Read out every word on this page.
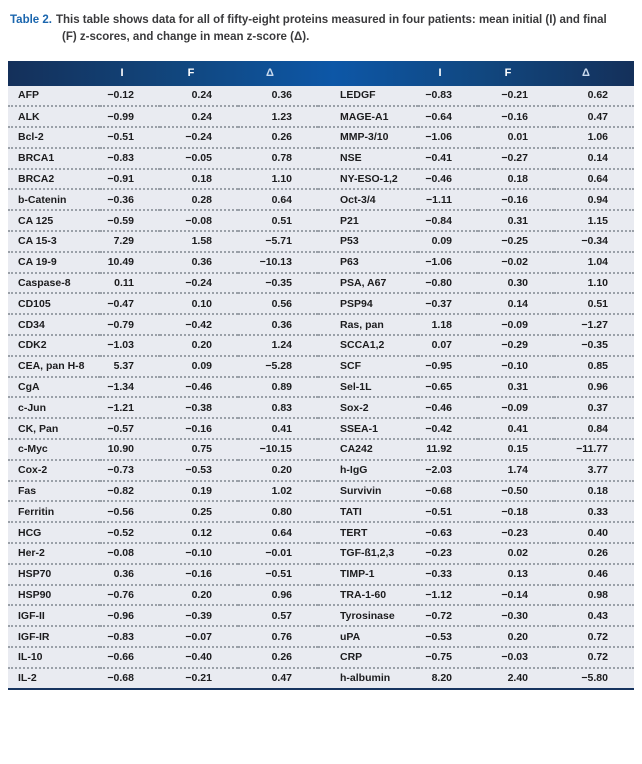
Table 2. This table shows data for all of fifty-eight proteins measured in four patients: mean initial (I) and final (F) z-scores, and change in mean z-score (Δ).

	I	F	Δ		I	F	Δ
AFP	−0.12	0.24	0.36	LEDGF	−0.83	−0.21	0.62
ALK	−0.99	0.24	1.23	MAGE-A1	−0.64	−0.16	0.47
Bcl-2	−0.51	−0.24	0.26	MMP-3/10	−1.06	0.01	1.06
BRCA1	−0.83	−0.05	0.78	NSE	−0.41	−0.27	0.14
BRCA2	−0.91	0.18	1.10	NY-ESO-1,2	−0.46	0.18	0.64
b-Catenin	−0.36	0.28	0.64	Oct-3/4	−1.11	−0.16	0.94
CA 125	−0.59	−0.08	0.51	P21	−0.84	0.31	1.15
CA 15-3	7.29	1.58	−5.71	P53	0.09	−0.25	−0.34
CA 19-9	10.49	0.36	−10.13	P63	−1.06	−0.02	1.04
Caspase-8	0.11	−0.24	−0.35	PSA, A67	−0.80	0.30	1.10
CD105	−0.47	0.10	0.56	PSP94	−0.37	0.14	0.51
CD34	−0.79	−0.42	0.36	Ras, pan	1.18	−0.09	−1.27
CDK2	−1.03	0.20	1.24	SCCA1,2	0.07	−0.29	−0.35
CEA, pan H-8	5.37	0.09	−5.28	SCF	−0.95	−0.10	0.85
CgA	−1.34	−0.46	0.89	Sel-1L	−0.65	0.31	0.96
c-Jun	−1.21	−0.38	0.83	Sox-2	−0.46	−0.09	0.37
CK, Pan	−0.57	−0.16	0.41	SSEA-1	−0.42	0.41	0.84
c-Myc	10.90	0.75	−10.15	CA242	11.92	0.15	−11.77
Cox-2	−0.73	−0.53	0.20	h-IgG	−2.03	1.74	3.77
Fas	−0.82	0.19	1.02	Survivin	−0.68	−0.50	0.18
Ferritin	−0.56	0.25	0.80	TATI	−0.51	−0.18	0.33
HCG	−0.52	0.12	0.64	TERT	−0.63	−0.23	0.40
Her-2	−0.08	−0.10	−0.01	TGF-ß1,2,3	−0.23	0.02	0.26
HSP70	0.36	−0.16	−0.51	TIMP-1	−0.33	0.13	0.46
HSP90	−0.76	0.20	0.96	TRA-1-60	−1.12	−0.14	0.98
IGF-II	−0.96	−0.39	0.57	Tyrosinase	−0.72	−0.30	0.43
IGF-IR	−0.83	−0.07	0.76	uPA	−0.53	0.20	0.72
IL-10	−0.66	−0.40	0.26	CRP	−0.75	−0.03	0.72
IL-2	−0.68	−0.21	0.47	h-albumin	8.20	2.40	−5.80
